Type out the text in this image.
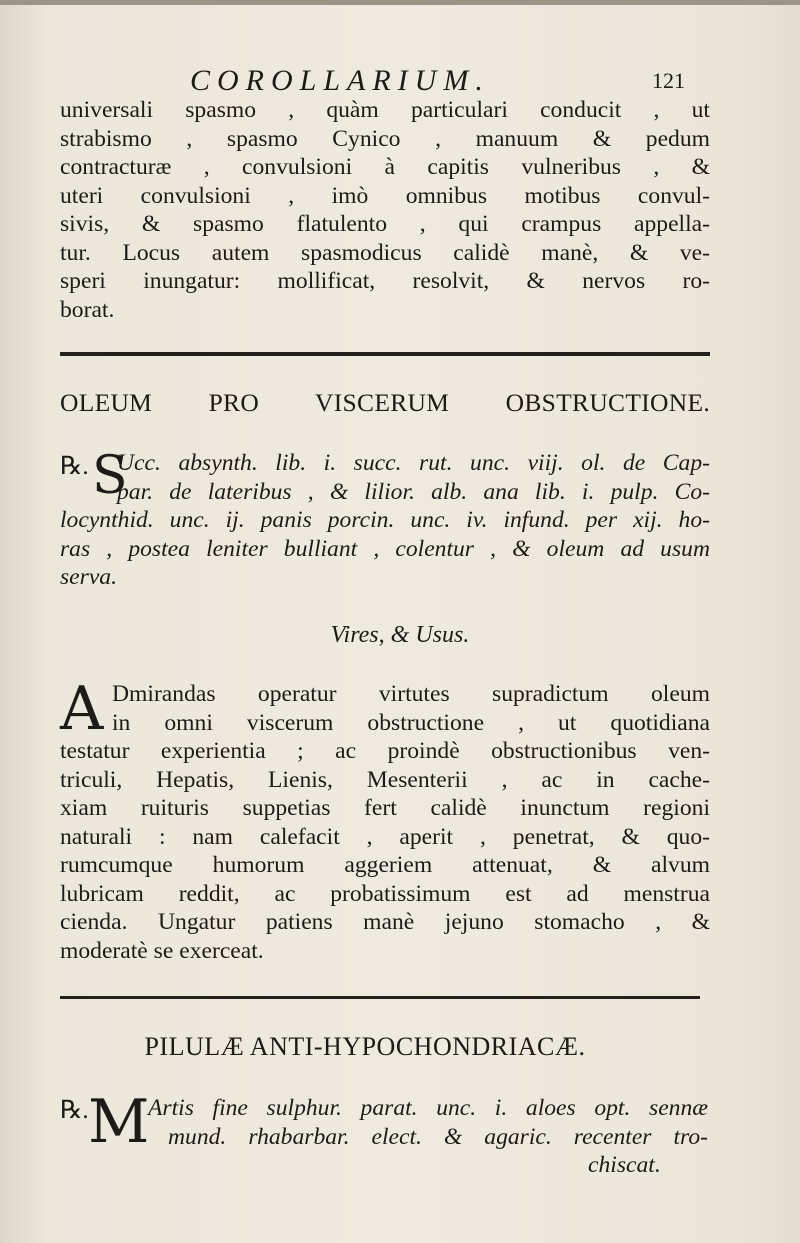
COROLLARIUM.	121
universali spasmo , quàm particulari conducit , ut
strabismo , spasmo Cynico , manuum & pedum
contracturæ , convulsioni à capitis vulneribus , &
uteri convulsioni , imò omnibus motibus convul-
sivis, & spasmo flatulento , qui crampus appella-
tur. Locus autem spasmodicus calidè manè, & ve-
speri inungatur: mollificat, resolvit, & nervos ro-
borat.
OLEUM PRO VISCERUM OBSTRUCTIONE.
℞. S
Ucc. absynth. lib. i. succ. rut. unc. viij. ol. de Cap-
par. de lateribus , & lilior. alb. ana lib. i. pulp. Co-
locynthid. unc. ij. panis porcin. unc. iv. infund. per xij. ho-
ras , postea leniter bulliant , colentur , & oleum ad usum
serva.
Vires, & Usus.
A Dmirandas operatur virtutes supradictum oleum
in omni viscerum obstructione , ut quotidiana
testatur experientia ; ac proindè obstructionibus ven-
triculi, Hepatis, Lienis, Mesenterii , ac in cache-
xiam ruituris suppetias fert calidè inunctum regioni
naturali : nam calefacit , aperit , penetrat, & quo-
rumcumque humorum aggeriem attenuat, & alvum
lubricam reddit, ac probatissimum est ad menstrua
cienda. Ungatur patiens manè jejuno stomacho , &
moderatè se exerceat.
PILULÆ ANTI-HYPOCHONDRIACÆ.
℞. M
Artis fine sulphur. parat. unc. i. aloes opt. sennæ
mund. rhabarbar. elect. & agaric. recenter tro-
chiscat.
